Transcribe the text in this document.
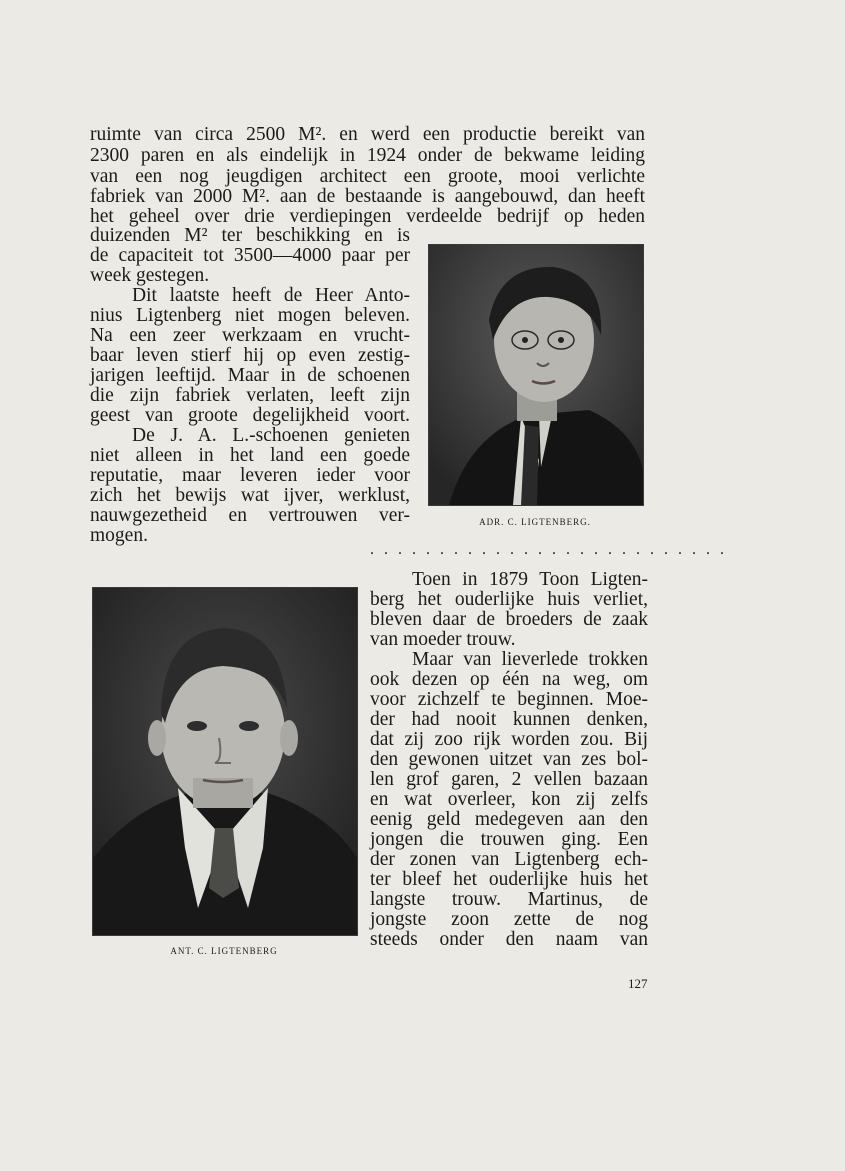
ruimte van circa 2500 M². en werd een productie bereikt van

2300 paren en als eindelijk in 1924 onder de bekwame leiding

van een nog jeugdigen architect een groote, mooi verlichte

fabriek van 2000 M². aan de bestaande is aangebouwd, dan heeft

het geheel over drie verdiepingen verdeelde bedrijf op heden

duizenden M² ter beschikking en is

de capaciteit tot 3500—4000 paar per

week gestegen.

Dit laatste heeft de Heer Anto-

nius Ligtenberg niet mogen beleven.

Na een zeer werkzaam en vrucht-

baar leven stierf hij op even zestig-

jarigen leeftijd. Maar in de schoenen

die zijn fabriek verlaten, leeft zijn

geest van groote degelijkheid voort.

De J. A. L.-schoenen genieten

niet alleen in het land een goede

reputatie, maar leveren ieder voor

zich het bewijs wat ijver, werklust,

nauwgezetheid en vertrouwen ver-

mogen.

ADR. C. LIGTENBERG.

. . . . . . . . . . . . . . . . . . . . . . . . . .

ANT. C. LIGTENBERG

Toen in 1879 Toon Ligten-

berg het ouderlijke huis verliet,

bleven daar de broeders de zaak

van moeder trouw.

Maar van lieverlede trokken

ook dezen op één na weg, om

voor zichzelf te beginnen. Moe-

der had nooit kunnen denken,

dat zij zoo rijk worden zou. Bij

den gewonen uitzet van zes bol-

len grof garen, 2 vellen bazaan

en wat overleer, kon zij zelfs

eenig geld medegeven aan den

jongen die trouwen ging. Een

der zonen van Ligtenberg ech-

ter bleef het ouderlijke huis het

langste trouw. Martinus, de

jongste zoon zette de nog

steeds onder den naam van

127
